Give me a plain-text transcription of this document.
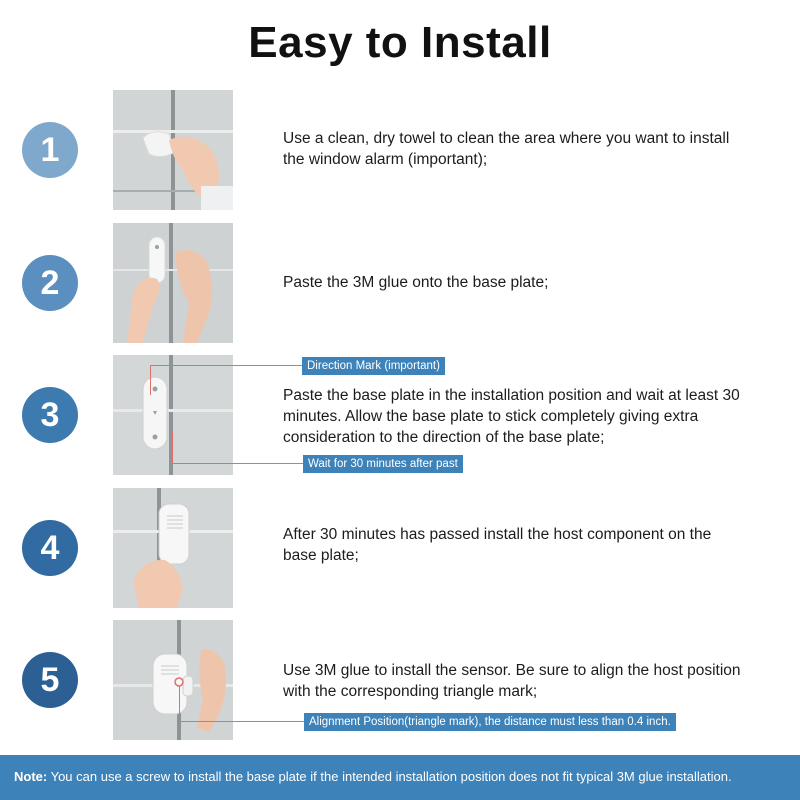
Easy to Install
1	Use a clean, dry towel to clean the area where you want to install the window alarm (important);
2	Paste the 3M glue onto the base plate;
3
Direction Mark (important)
Paste the base plate in the installation position and wait at least 30 minutes. Allow the base plate to stick completely giving extra consideration to the direction of the base plate;
Wait for 30 minutes after past
4	After 30 minutes has passed install the host component on the base plate;
5	Use 3M glue to install the sensor. Be sure to align the host position with the corresponding triangle mark;
Alignment Position(triangle mark), the distance must less than 0.4 inch.
Note: You can use a screw to install the base plate if the intended installation position does not fit typical 3M glue installation.
